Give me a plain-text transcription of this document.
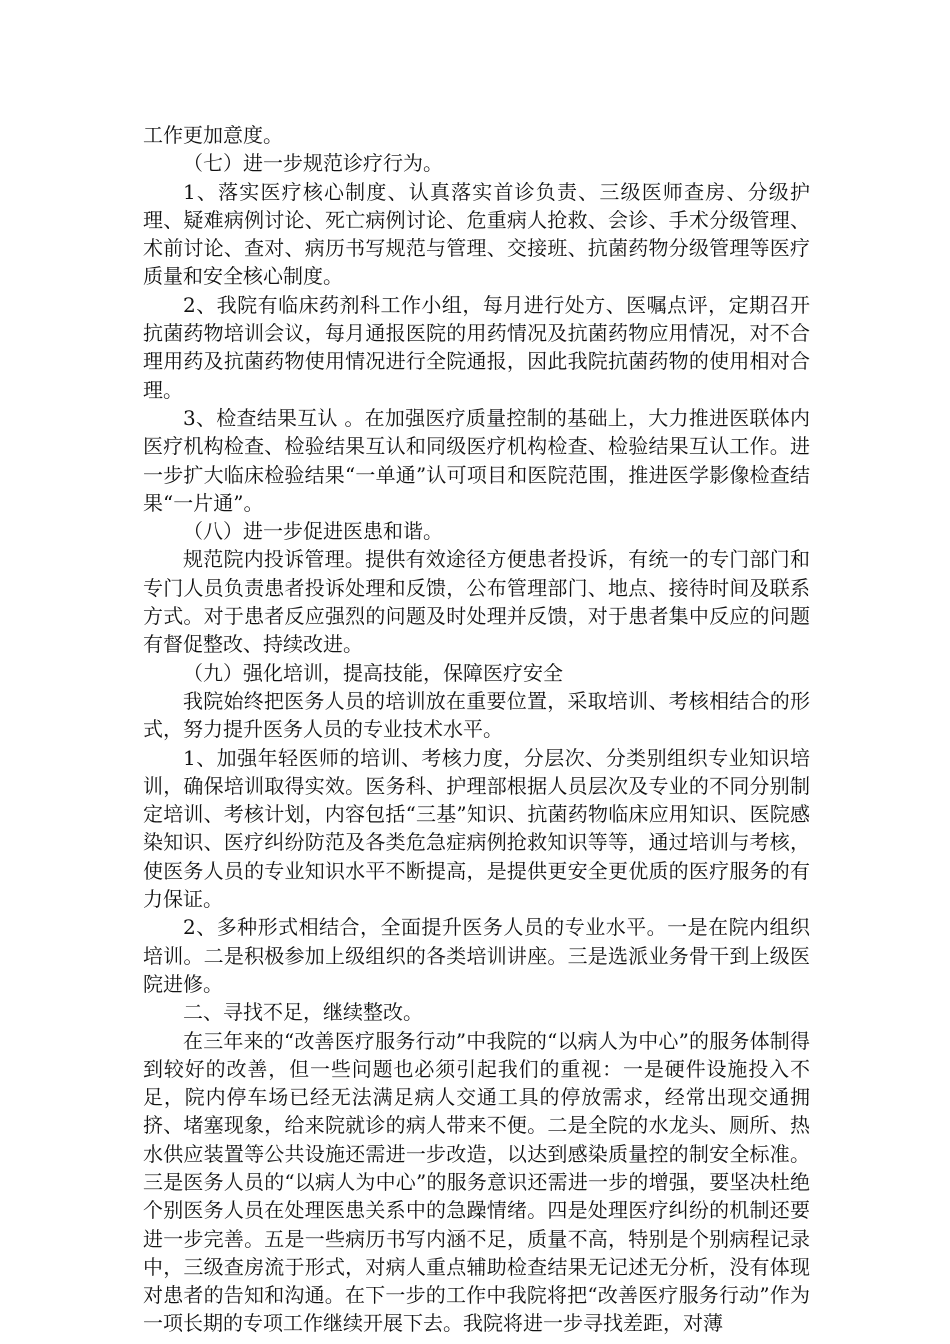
工作更加意度。

（七）进一步规范诊疗行为。

1、落实医疗核心制度、认真落实首诊负责、三级医师查房、分级护理、疑难病例讨论、死亡病例讨论、危重病人抢救、会诊、手术分级管理、术前讨论、查对、病历书写规范与管理、交接班、抗菌药物分级管理等医疗质量和安全核心制度。

2、我院有临床药剂科工作小组，每月进行处方、医嘱点评，定期召开抗菌药物培训会议，每月通报医院的用药情况及抗菌药物应用情况，对不合理用药及抗菌药物使用情况进行全院通报，因此我院抗菌药物的使用相对合理。

3、检查结果互认 。在加强医疗质量控制的基础上，大力推进医联体内医疗机构检查、检验结果互认和同级医疗机构检查、检验结果互认工作。进一步扩大临床检验结果“一单通”认可项目和医院范围，推进医学影像检查结果“一片通”。

（八）进一步促进医患和谐。

规范院内投诉管理。提供有效途径方便患者投诉，有统一的专门部门和专门人员负责患者投诉处理和反馈，公布管理部门、地点、接待时间及联系方式。对于患者反应强烈的问题及时处理并反馈，对于患者集中反应的问题有督促整改、持续改进。

（九）强化培训，提高技能，保障医疗安全

我院始终把医务人员的培训放在重要位置，采取培训、考核相结合的形式，努力提升医务人员的专业技术水平。

1、加强年轻医师的培训、考核力度，分层次、分类别组织专业知识培训，确保培训取得实效。医务科、护理部根据人员层次及专业的不同分别制定培训、考核计划，内容包括“三基”知识、抗菌药物临床应用知识、医院感染知识、医疗纠纷防范及各类危急症病例抢救知识等等，通过培训与考核，使医务人员的专业知识水平不断提高，是提供更安全更优质的医疗服务的有力保证。

2、多种形式相结合，全面提升医务人员的专业水平。一是在院内组织培训。二是积极参加上级组织的各类培训讲座。三是选派业务骨干到上级医院进修。

二、寻找不足，继续整改。

在三年来的“改善医疗服务行动”中我院的“以病人为中心”的服务体制得到较好的改善，但一些问题也必须引起我们的重视：一是硬件设施投入不足，院内停车场已经无法满足病人交通工具的停放需求，经常出现交通拥挤、堵塞现象，给来院就诊的病人带来不便。二是全院的水龙头、厕所、热水供应装置等公共设施还需进一步改造，以达到感染质量控的制安全标准。三是医务人员的“以病人为中心”的服务意识还需进一步的增强，要坚决杜绝个别医务人员在处理医患关系中的急躁情绪。四是处理医疗纠纷的机制还要进一步完善。五是一些病历书写内涵不足，质量不高，特别是个别病程记录中，三级查房流于形式，对病人重点辅助检查结果无记述无分析，没有体现对患者的告知和沟通。在下一步的工作中我院将把“改善医疗服务行动”作为一项长期的专项工作继续开展下去。我院将进一步寻找差距，对薄
